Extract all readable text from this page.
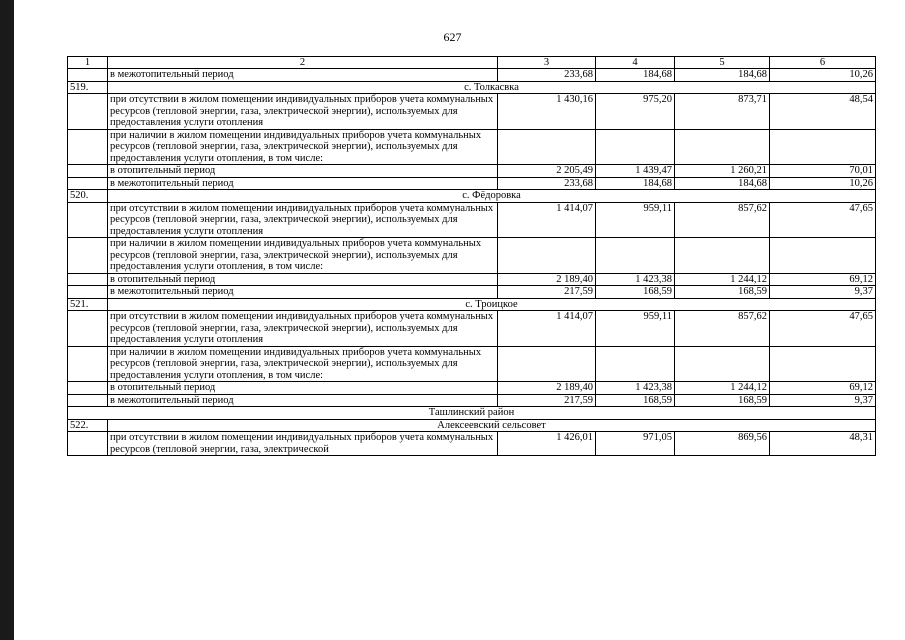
627
1	2	3	4	5	6
	в межотопительный период	233,68	184,68	184,68	10,26
519.	с. Толкасвка				
	при отсутствии в жилом помещении индивидуальных приборов учета коммунальных ресурсов (тепловой энергии, газа, электрической энергии), используемых для предоставления услуги отопления	1 430,16	975,20	873,71	48,54
	при наличии в жилом помещении индивидуальных приборов учета коммунальных ресурсов (тепловой энергии, газа, электрической энергии), используемых для предоставления услуги отопления, в том числе:				
	в отопительный период	2 205,49	1 439,47	1 260,21	70,01
	в межотопительный период	233,68	184,68	184,68	10,26
520.	с. Фёдоровка				
	при отсутствии в жилом помещении индивидуальных приборов учета коммунальных ресурсов (тепловой энергии, газа, электрической энергии), используемых для предоставления услуги отопления	1 414,07	959,11	857,62	47,65
	при наличии в жилом помещении индивидуальных приборов учета коммунальных ресурсов (тепловой энергии, газа, электрической энергии), используемых для предоставления услуги отопления, в том числе:				
	в отопительный период	2 189,40	1 423,38	1 244,12	69,12
	в межотопительный период	217,59	168,59	168,59	9,37
521.	с. Троицкое				
	при отсутствии в жилом помещении индивидуальных приборов учета коммунальных ресурсов (тепловой энергии, газа, электрической энергии), используемых для предоставления услуги отопления	1 414,07	959,11	857,62	47,65
	при наличии в жилом помещении индивидуальных приборов учета коммунальных ресурсов (тепловой энергии, газа, электрической энергии), используемых для предоставления услуги отопления, в том числе:				
	в отопительный период	2 189,40	1 423,38	1 244,12	69,12
	в межотопительный период	217,59	168,59	168,59	9,37
Ташлинский район					
522.	Алексеевский сельсовет				
	при отсутствии в жилом помещении индивидуальных приборов учета коммунальных ресурсов (тепловой энергии, газа, электрической	1 426,01	971,05	869,56	48,31
